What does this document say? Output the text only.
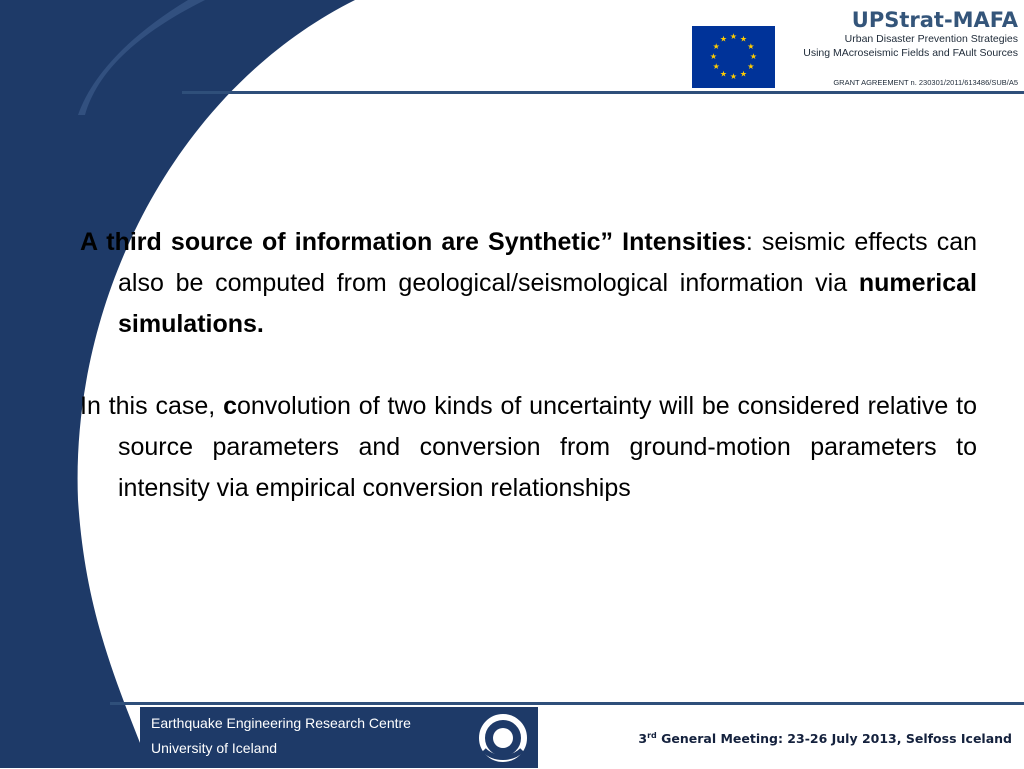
★ ★
★
★
★
★
★
★
★
★
★
★
UPStrat-MAFA
Urban Disaster Prevention Strategies
Using MAcroseismic Fields and FAult Sources
GRANT AGREEMENT n. 230301/2011/613486/SUB/A5

A third source of information are Synthetic” Intensities: seismic effects can also be computed from geological/seismological information via numerical simulations.

In this case, convolution of two kinds of uncertainty will be considered relative to source parameters and conversion from ground-motion parameters to intensity via empirical conversion relationships

Earthquake Engineering Research Centre
University of Iceland
3rd General Meeting: 23-26 July 2013, Selfoss Iceland
